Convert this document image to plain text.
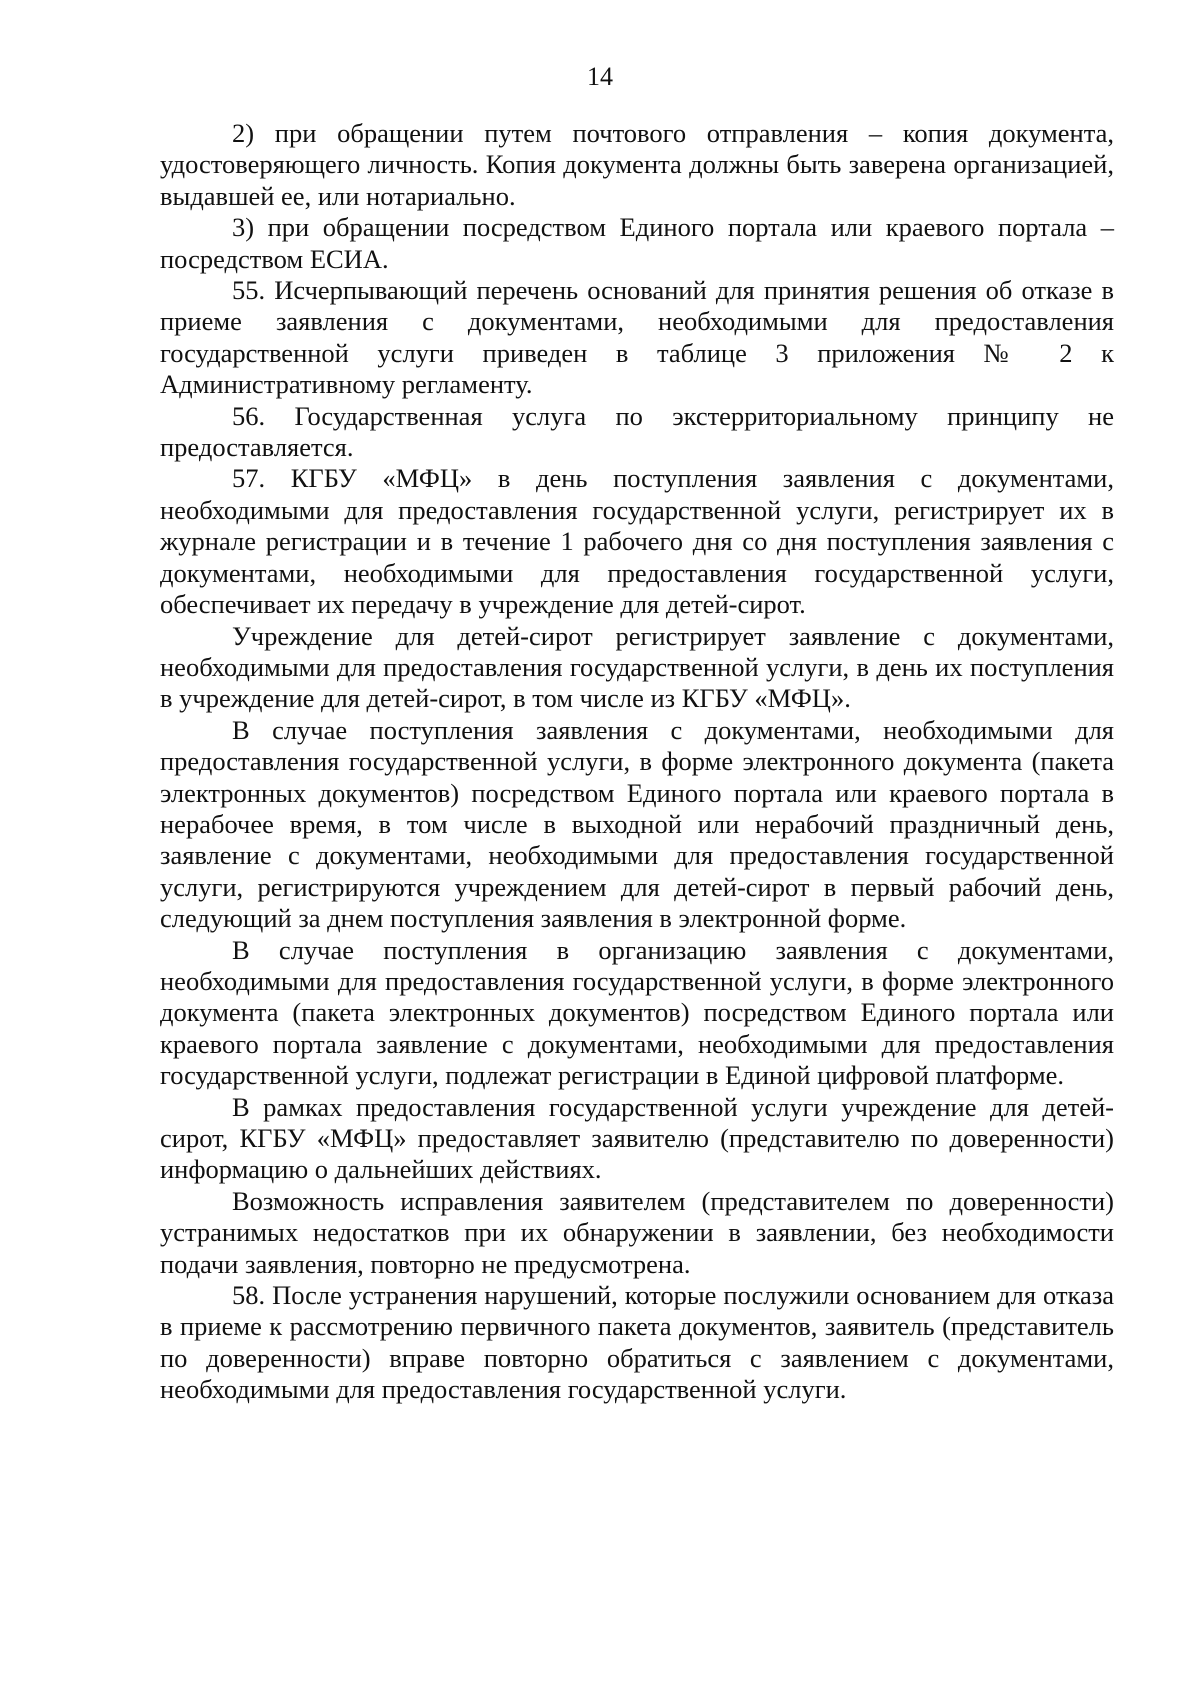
14

2) при обращении путем почтового отправления – копия документа, удостоверяющего личность. Копия документа должны быть заверена организацией, выдавшей ее, или нотариально.

3) при обращении посредством Единого портала или краевого портала – посредством ЕСИА.

55. Исчерпывающий перечень оснований для принятия решения об отказе в приеме заявления с документами, необходимыми для предоставления государственной услуги приведен в таблице 3 приложения № 2 к Административному регламенту.

56. Государственная услуга по экстерриториальному принципу не предоставляется.

57. КГБУ «МФЦ» в день поступления заявления с документами, необходимыми для предоставления государственной услуги, регистрирует их в журнале регистрации и в течение 1 рабочего дня со дня поступления заявления с документами, необходимыми для предоставления государственной услуги, обеспечивает их передачу в учреждение для детей-сирот.

Учреждение для детей-сирот регистрирует заявление с документами, необходимыми для предоставления государственной услуги, в день их поступления в учреждение для детей-сирот, в том числе из КГБУ «МФЦ».

В случае поступления заявления с документами, необходимыми для предоставления государственной услуги, в форме электронного документа (пакета электронных документов) посредством Единого портала или краевого портала в нерабочее время, в том числе в выходной или нерабочий праздничный день, заявление с документами, необходимыми для предоставления государственной услуги, регистрируются учреждением для детей-сирот в первый рабочий день, следующий за днем поступления заявления в электронной форме.

В случае поступления в организацию заявления с документами, необходимыми для предоставления государственной услуги, в форме электронного документа (пакета электронных документов) посредством Единого портала или краевого портала заявление с документами, необходимыми для предоставления государственной услуги, подлежат регистрации в Единой цифровой платформе.

В рамках предоставления государственной услуги учреждение для детей-сирот, КГБУ «МФЦ» предоставляет заявителю (представителю по доверенности) информацию о дальнейших действиях.

Возможность исправления заявителем (представителем по доверенности) устранимых недостатков при их обнаружении в заявлении, без необходимости подачи заявления, повторно не предусмотрена.

58. После устранения нарушений, которые послужили основанием для отказа в приеме к рассмотрению первичного пакета документов, заявитель (представитель по доверенности) вправе повторно обратиться с заявлением с документами, необходимыми для предоставления государственной услуги.
